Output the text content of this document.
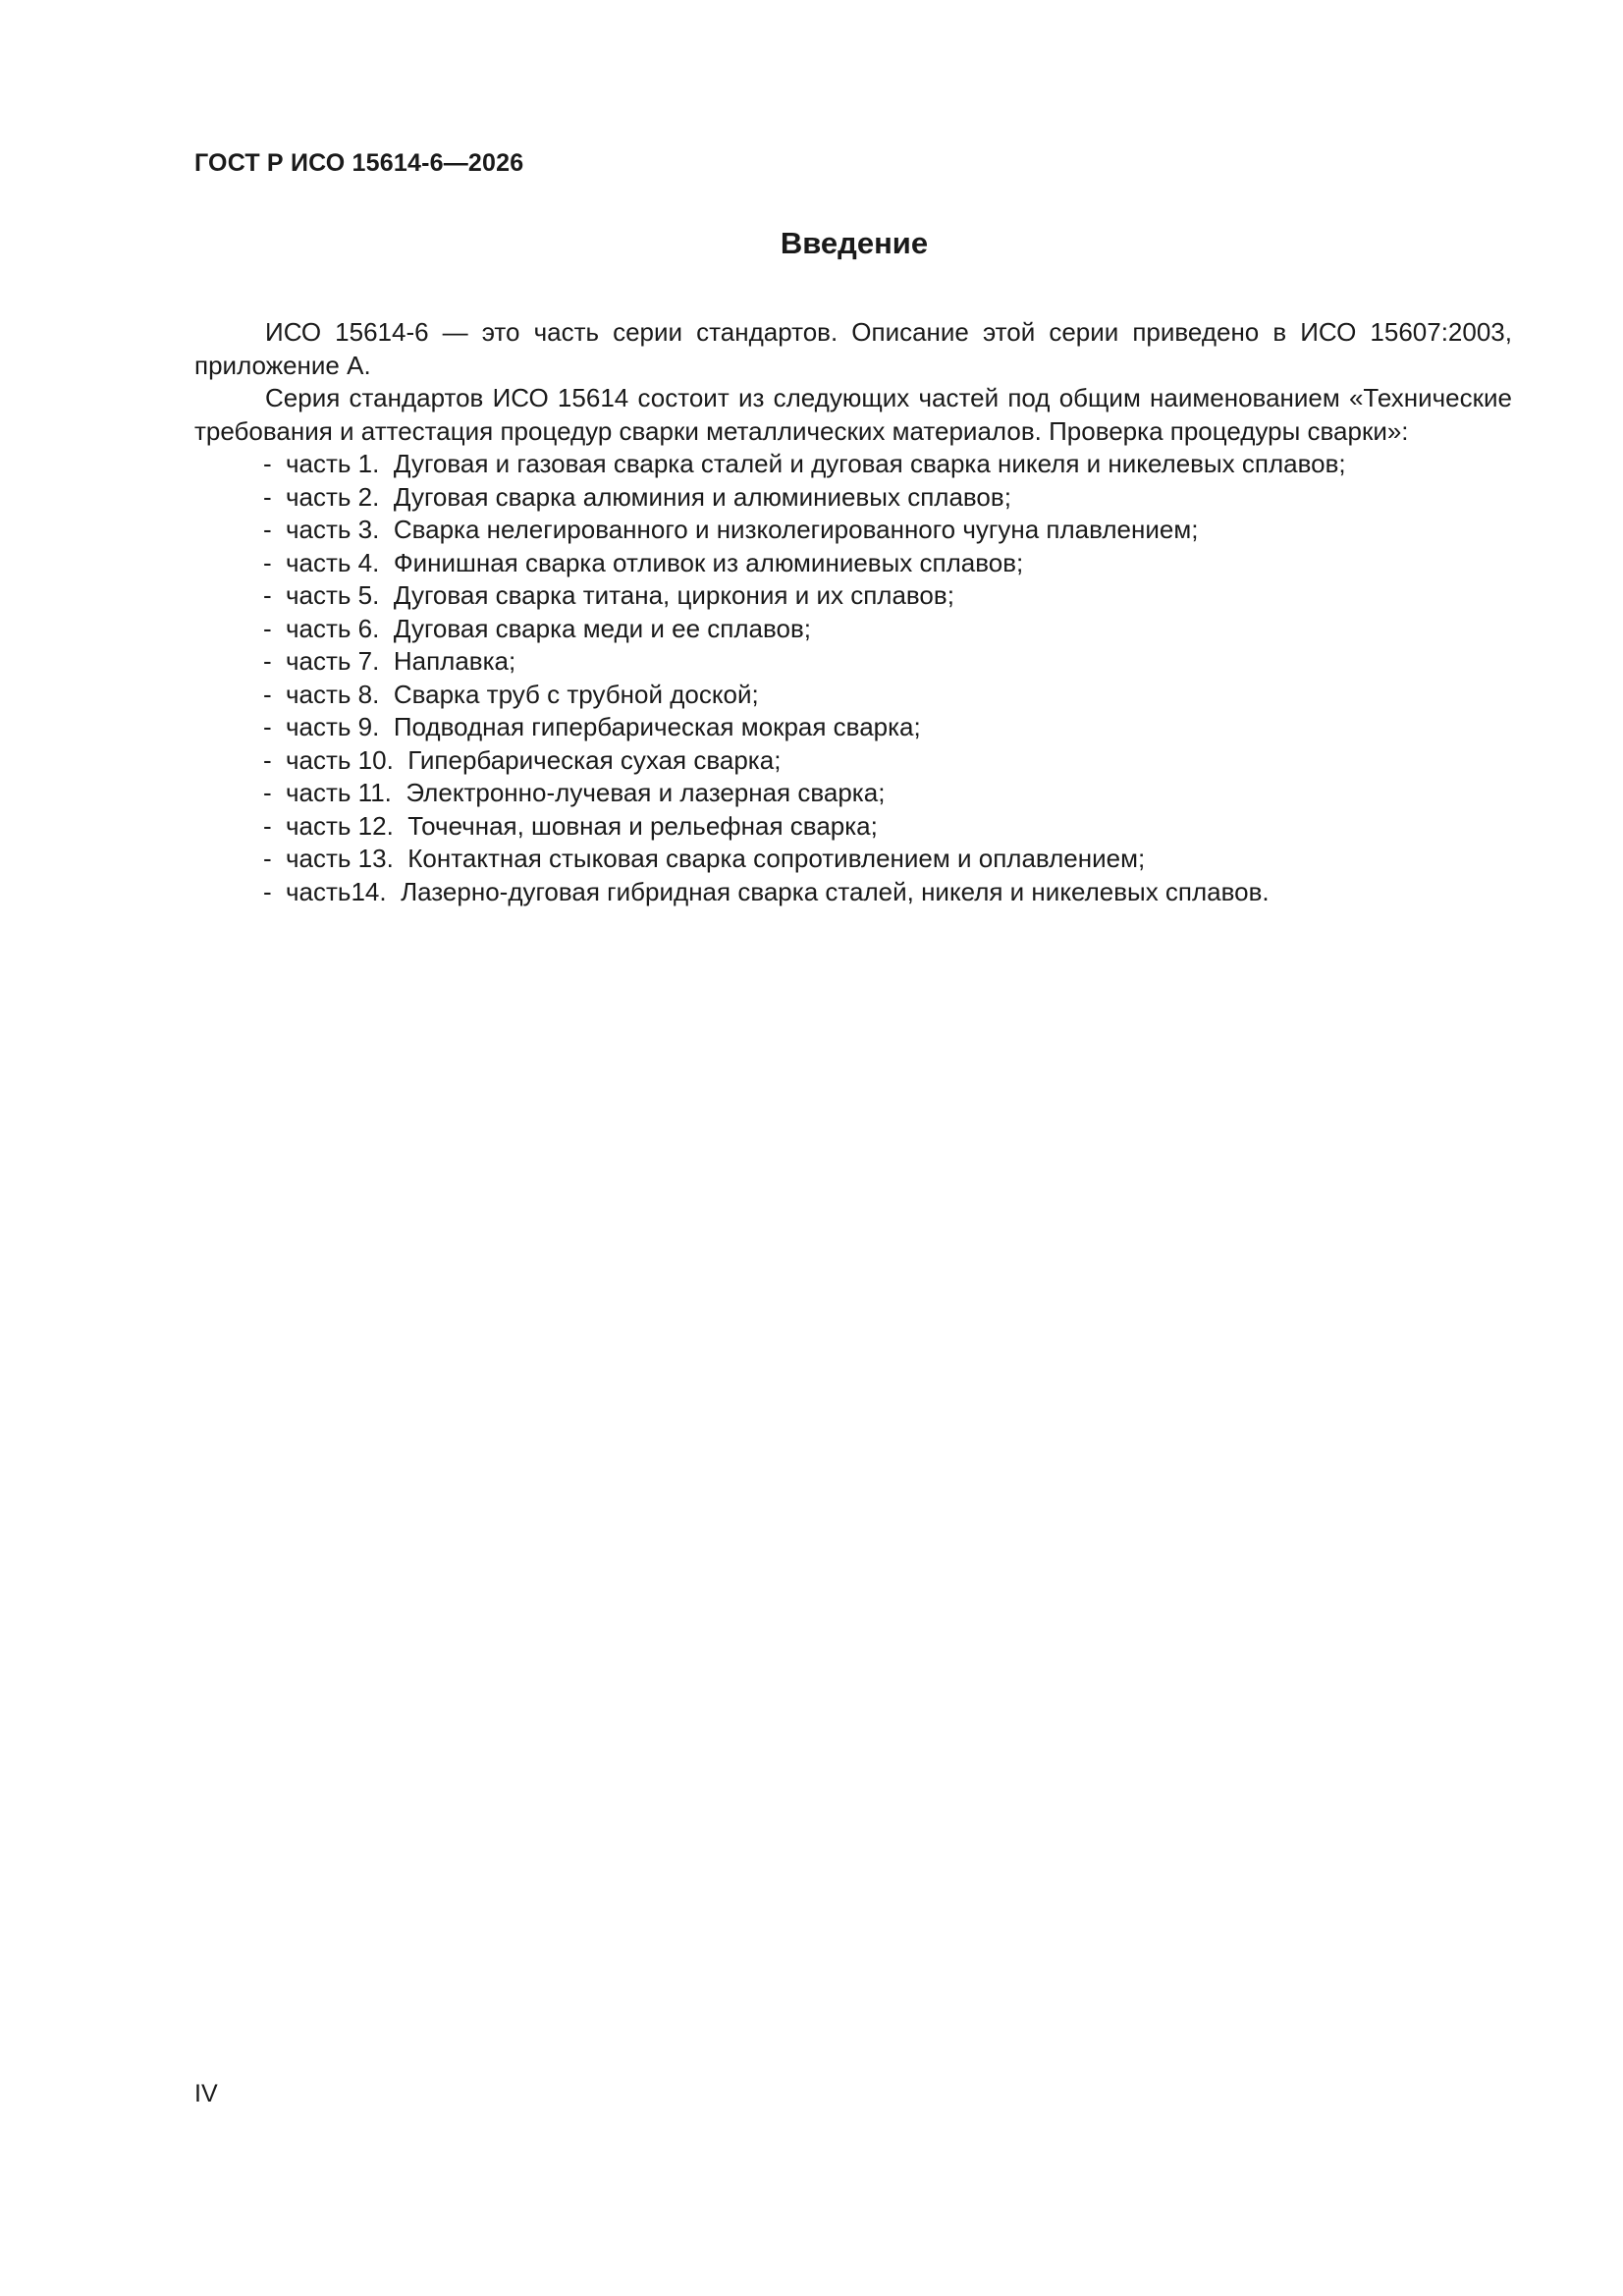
ГОСТ Р ИСО 15614-6—2026
Введение

ИСО 15614-6 — это часть серии стандартов. Описание этой серии приведено в ИСО 15607:2003, приложение А.

Серия стандартов ИСО 15614 состоит из следующих частей под общим наименованием «Технические требования и аттестация процедур сварки металлических материалов. Проверка процедуры сварки»:

- часть 1. Дуговая и газовая сварка сталей и дуговая сварка никеля и никелевых сплавов;
- часть 2. Дуговая сварка алюминия и алюминиевых сплавов;
- часть 3. Сварка нелегированного и низколегированного чугуна плавлением;
- часть 4. Финишная сварка отливок из алюминиевых сплавов;
- часть 5. Дуговая сварка титана, циркония и их сплавов;
- часть 6. Дуговая сварка меди и ее сплавов;
- часть 7. Наплавка;
- часть 8. Сварка труб с трубной доской;
- часть 9. Подводная гипербарическая мокрая сварка;
- часть 10. Гипербарическая сухая сварка;
- часть 11. Электронно-лучевая и лазерная сварка;
- часть 12. Точечная, шовная и рельефная сварка;
- часть 13. Контактная стыковая сварка сопротивлением и оплавлением;
- часть14. Лазерно-дуговая гибридная сварка сталей, никеля и никелевых сплавов.
IV
